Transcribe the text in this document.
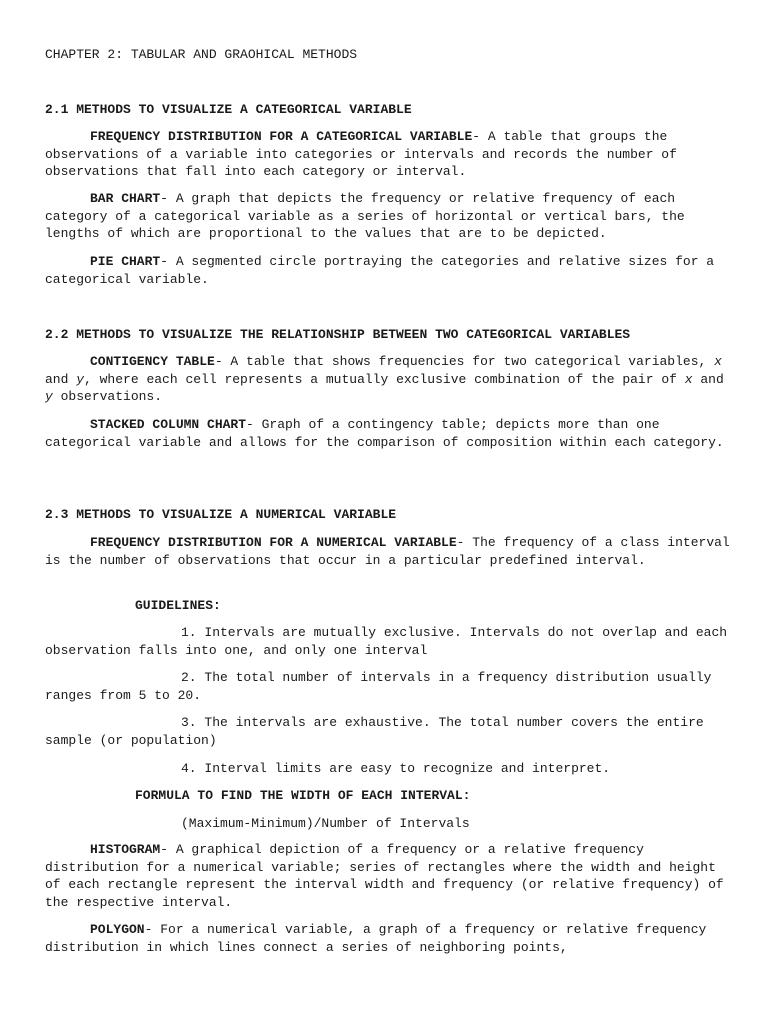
CHAPTER 2: TABULAR AND GRAOHICAL METHODS
2.1 METHODS TO VISUALIZE A CATEGORICAL VARIABLE
FREQUENCY DISTRIBUTION FOR A CATEGORICAL VARIABLE- A table that groups the observations of a variable into categories or intervals and records the number of observations that fall into each category or interval.
BAR CHART- A graph that depicts the frequency or relative frequency of each category of a categorical variable as a series of horizontal or vertical bars, the lengths of which are proportional to the values that are to be depicted.
PIE CHART- A segmented circle portraying the categories and relative sizes for a categorical variable.
2.2 METHODS TO VISUALIZE THE RELATIONSHIP BETWEEN TWO CATEGORICAL VARIABLES
CONTIGENCY TABLE- A table that shows frequencies for two categorical variables, x and y, where each cell represents a mutually exclusive combination of the pair of x and y observations.
STACKED COLUMN CHART- Graph of a contingency table; depicts more than one categorical variable and allows for the comparison of composition within each category.
2.3 METHODS TO VISUALIZE A NUMERICAL VARIABLE
FREQUENCY DISTRIBUTION FOR A NUMERICAL VARIABLE- The frequency of a class interval is the number of observations that occur in a particular predefined interval.
GUIDELINES:
1. Intervals are mutually exclusive. Intervals do not overlap and each observation falls into one, and only one interval
2. The total number of intervals in a frequency distribution usually ranges from 5 to 20.
3. The intervals are exhaustive. The total number covers the entire sample (or population)
4. Interval limits are easy to recognize and interpret.
FORMULA TO FIND THE WIDTH OF EACH INTERVAL:
(Maximum-Minimum)/Number of Intervals
HISTOGRAM- A graphical depiction of a frequency or a relative frequency distribution for a numerical variable; series of rectangles where the width and height of each rectangle represent the interval width and frequency (or relative frequency) of the respective interval.
POLYGON- For a numerical variable, a graph of a frequency or relative frequency distribution in which lines connect a series of neighboring points,
